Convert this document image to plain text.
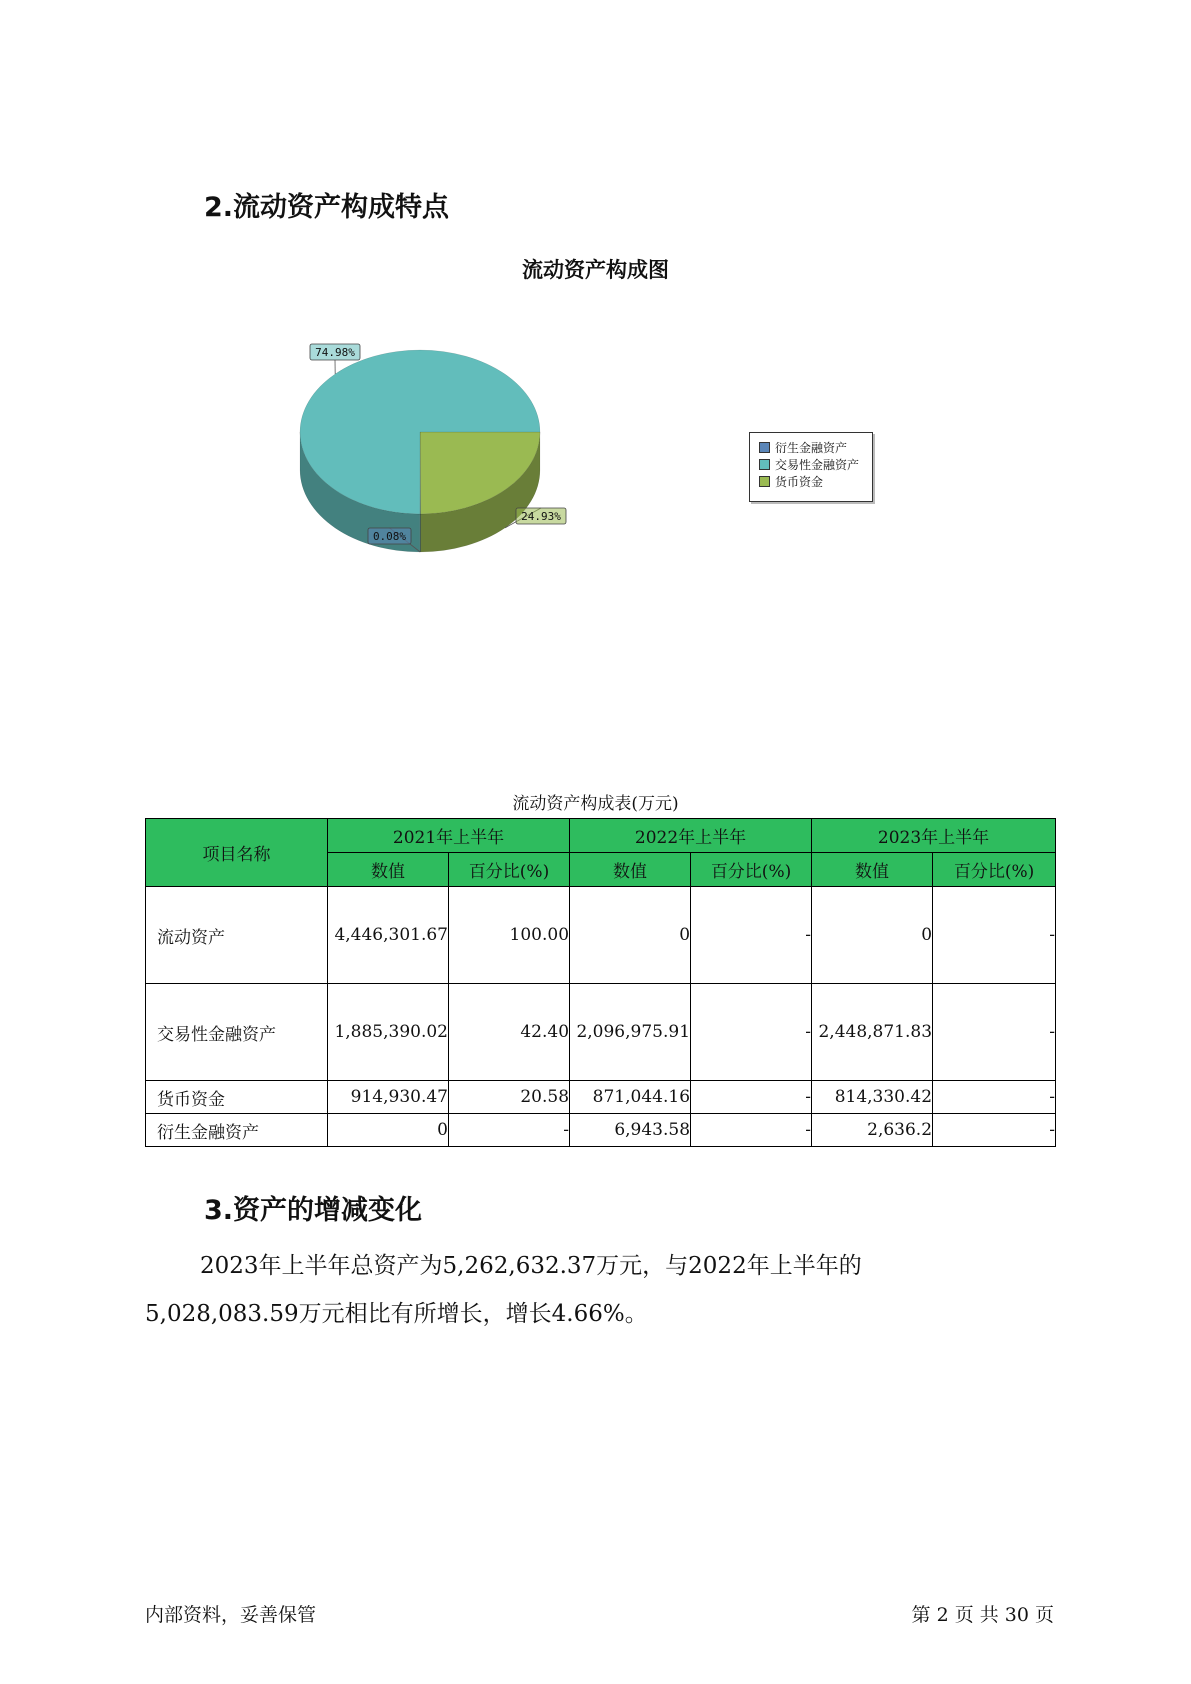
2.流动资产构成特点
流动资产构成图
0.08%
74.98%
24.93%
衍生金融资产
交易性金融资产
货币资金
流动资产构成表(万元)
项目名称	2021年上半年		2022年上半年		2023年上半年	
	数值	百分比(%)	数值	百分比(%)	数值	百分比(%)
流动资产	4,446,301.67	100.00	0	-	0	-
交易性金融资产	1,885,390.02	42.40	2,096,975.91	-	2,448,871.83	-
货币资金	914,930.47	20.58	871,044.16	-	814,330.42	-
衍生金融资产	0	-	6,943.58	-	2,636.2	-
3.资产的增减变化
2023年上半年总资产为5,262,632.37万元，与2022年上半年的
5,028,083.59万元相比有所增长，增长4.66%。
内部资料，妥善保管	第 2 页 共 30 页
